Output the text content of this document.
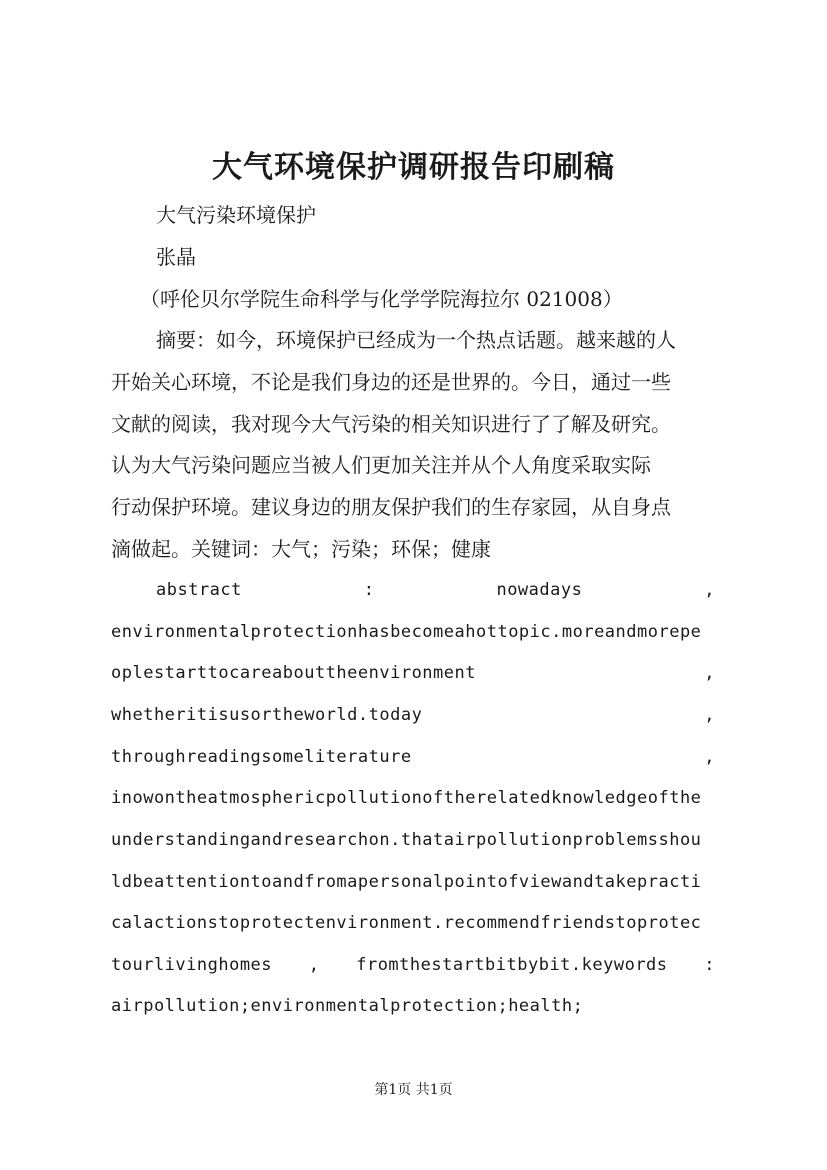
大气环境保护调研报告印刷稿
大气污染环境保护
张晶
（呼伦贝尔学院生命科学与化学学院海拉尔 021008）
摘要：如今，环境保护已经成为一个热点话题。越来越的人
开始关心环境，不论是我们身边的还是世界的。今日，通过一些
文献的阅读，我对现今大气污染的相关知识进行了了解及研究。
认为大气污染问题应当被人们更加关注并从个人角度采取实际
行动保护环境。建议身边的朋友保护我们的生存家园，从自身点
滴做起。关键词：大气；污染；环保；健康
abstract	:	nowadays	,
environmentalprotectionhasbecomeahottopic.moreandmorepe
oplestarttocareabouttheenvironment	,
whetheritisusortheworld.today	,
throughreadingsomeliterature	,
inowontheatmosphericpollutionoftherelatedknowledgeofthe
understandingandresearchon.thatairpollutionproblemsshou
ldbeattentiontoandfromapersonalpointofviewandtakepracti
calactionstoprotectenvironment.recommendfriendstoprotec
tourlivinghomes , fromthestartbitbybit.keywords :
airpollution;environmentalprotection;health;
第1页 共1页
